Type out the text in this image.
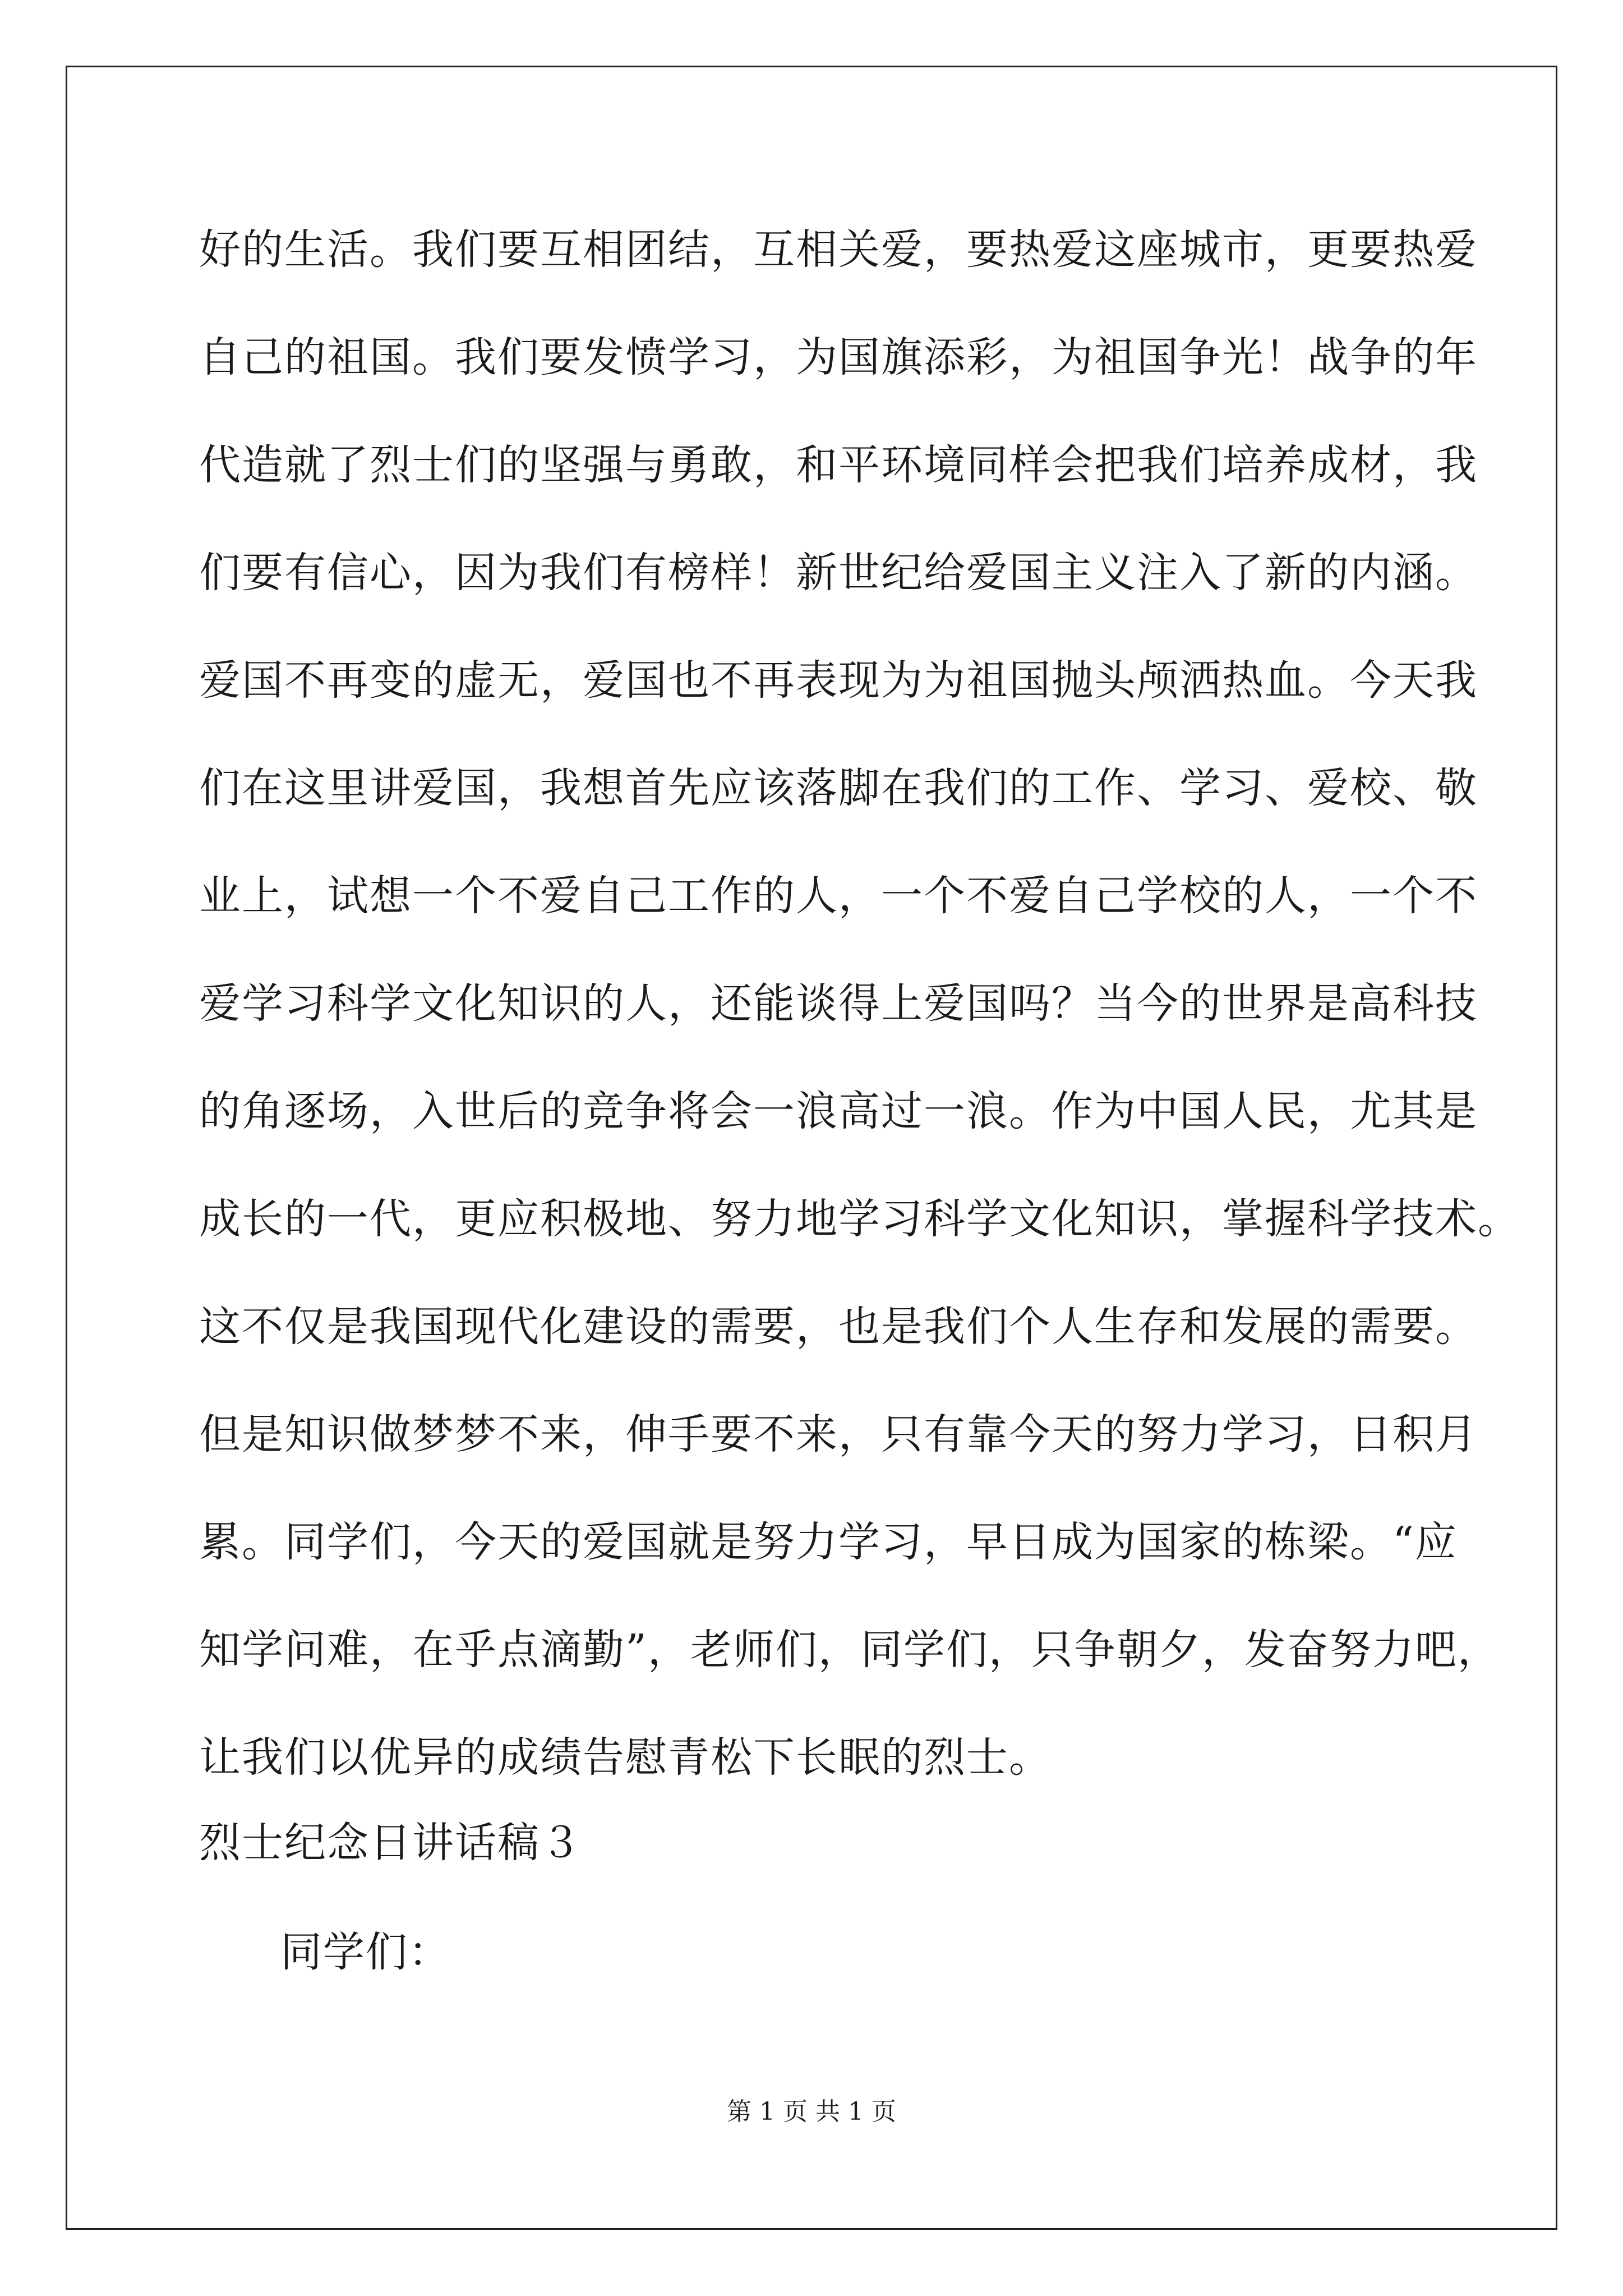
好的生活。我们要互相团结，互相关爱，要热爱这座城市，更要热爱
自己的祖国。我们要发愤学习，为国旗添彩，为祖国争光！战争的年
代造就了烈士们的坚强与勇敢，和平环境同样会把我们培养成材，我
们要有信心，因为我们有榜样！新世纪给爱国主义注入了新的内涵。
爱国不再变的虚无，爱国也不再表现为为祖国抛头颅洒热血。今天我
们在这里讲爱国，我想首先应该落脚在我们的工作、学习、爱校、敬
业上，试想一个不爱自己工作的人，一个不爱自己学校的人，一个不
爱学习科学文化知识的人，还能谈得上爱国吗？当今的世界是高科技
的角逐场，入世后的竞争将会一浪高过一浪。作为中国人民，尤其是
成长的一代，更应积极地、努力地学习科学文化知识，掌握科学技术。
这不仅是我国现代化建设的需要，也是我们个人生存和发展的需要。
但是知识做梦梦不来，伸手要不来，只有靠今天的努力学习，日积月
累。同学们，今天的爱国就是努力学习，早日成为国家的栋梁。“应
知学问难，在乎点滴勤”，老师们，同学们，只争朝夕，发奋努力吧，
让我们以优异的成绩告慰青松下长眠的烈士。
烈士纪念日讲话稿３
同学们：
第 1 页 共 1 页
